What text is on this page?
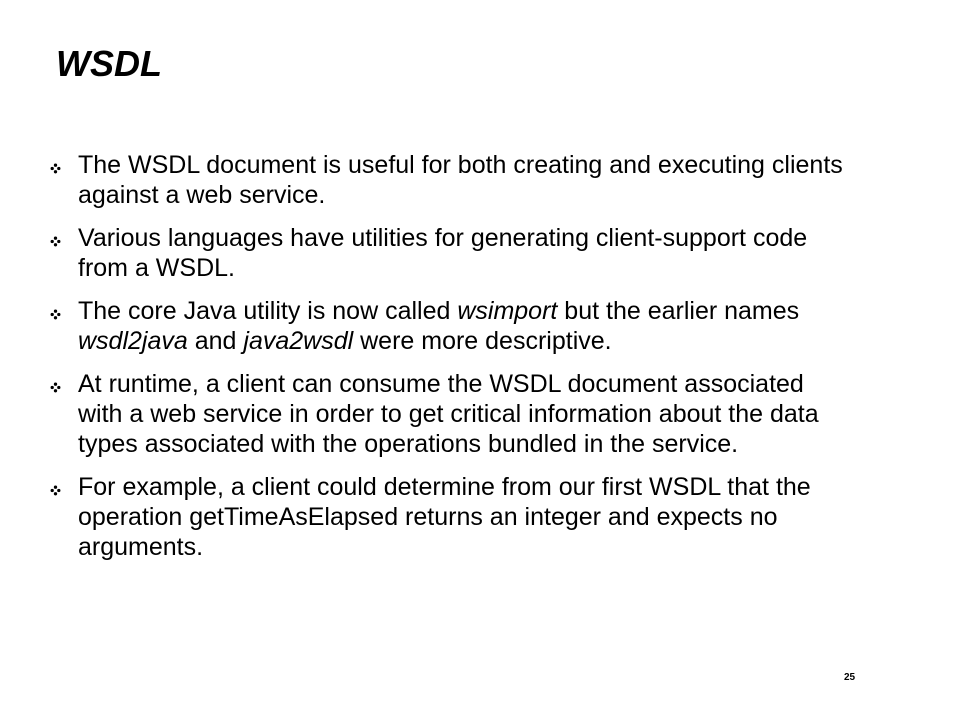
WSDL
The WSDL document is useful for both creating and executing clients against a web service.
Various languages have utilities for generating client-support code from a WSDL.
The core Java utility is now called wsimport but the earlier names wsdl2java and java2wsdl were more descriptive.
At runtime, a client can consume the WSDL document associated with a web service in order to get critical information about the data types associated with the operations bundled in the service.
For example, a client could determine from our first WSDL that the operation getTimeAsElapsed returns an integer and expects no arguments.
25
